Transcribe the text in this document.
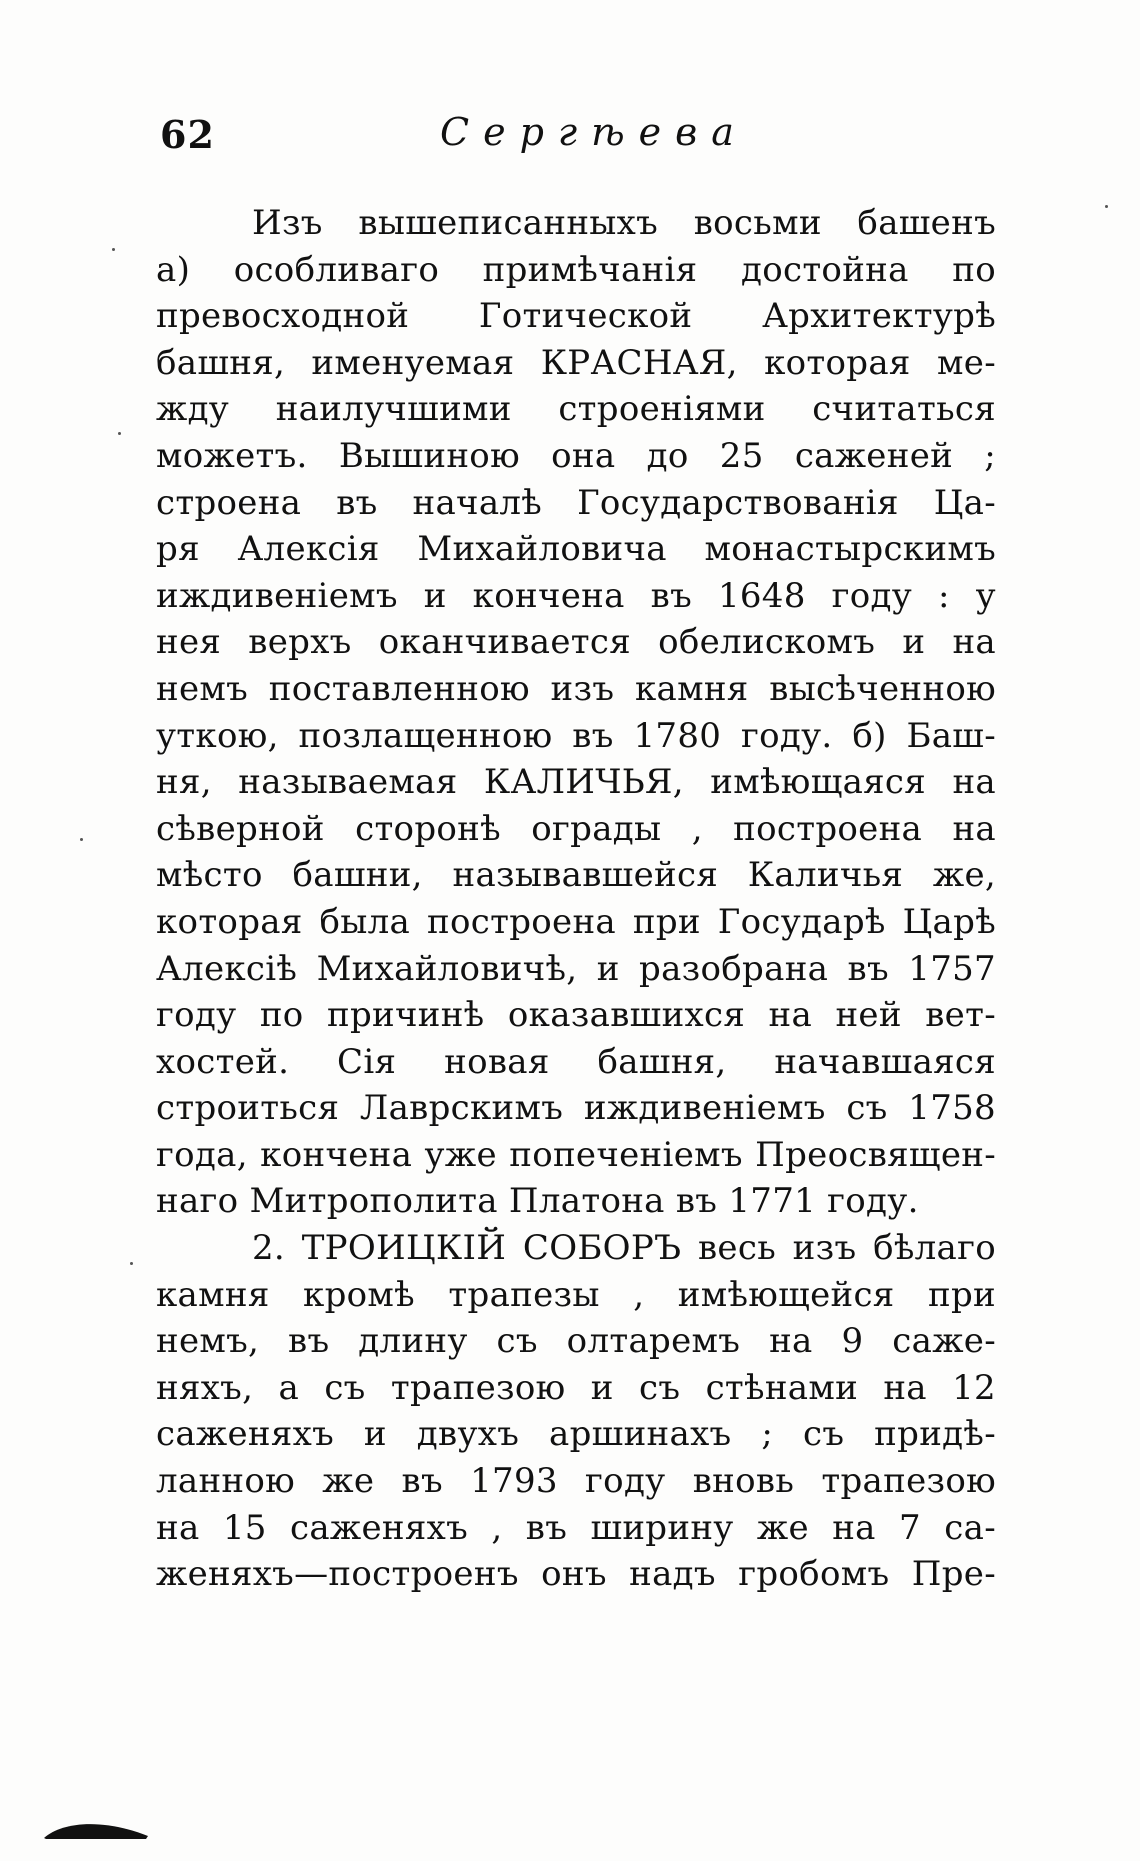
62	Сергѣева
Изъ вышеписанныхъ восьми башенъ
а) особливаго примѣчанія достойна по
превосходной Готической Архитектурѣ
башня, именуемая КРАСНАЯ, которая ме-
жду наилучшими строеніями считаться
можетъ. Вышиною она до 25 саженей ;
строена въ началѣ Государствованія Ца-
ря Алексія Михайловича монастырскимъ
иждивеніемъ и кончена въ 1648 году : у
нея верхъ оканчивается обелискомъ и на
немъ поставленною изъ камня высѣченною
уткою, позлащенною въ 1780 году. б) Баш-
ня, называемая КАЛИЧЬЯ, имѣющаяся на
сѣверной сторонѣ ограды , построена на
мѣсто башни, называвшейся Каличья же,
которая была построена при Государѣ Царѣ
Алексіѣ Михайловичѣ, и разобрана въ 1757
году по причинѣ оказавшихся на ней вет-
хостей. Сія новая башня, начавшаяся
строиться Лаврскимъ иждивеніемъ съ 1758
года, кончена уже попеченіемъ Преосвящен-
наго Митрополита Платона въ 1771 году.
2. ТРОИЦКІЙ СОБОРЪ весь изъ бѣлаго
камня кромѣ трапезы , имѣющейся при
немъ, въ длину съ олтаремъ на 9 саже-
няхъ, а съ трапезою и съ стѣнами на 12
саженяхъ и двухъ аршинахъ ; съ придѣ-
ланною же въ 1793 году вновь трапезою
на 15 саженяхъ , въ ширину же на 7 са-
женяхъ—построенъ онъ надъ гробомъ Пре-
